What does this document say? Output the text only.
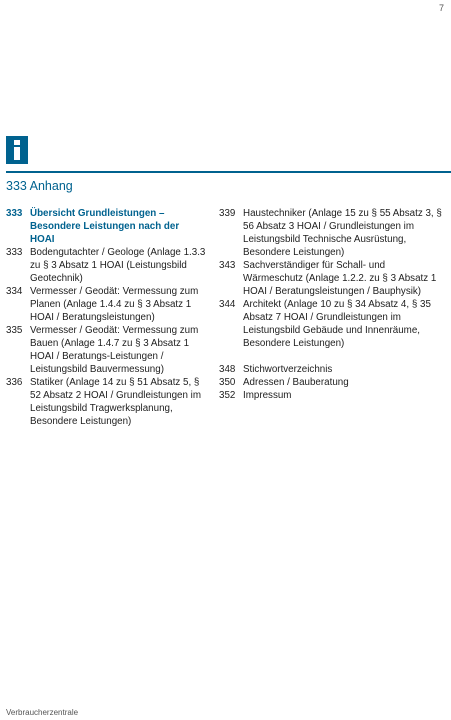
7
333 Anhang
333 Übersicht Grundleistungen – Besondere Leistungen nach der HOAI
333 Bodengutachter / Geologe (Anlage 1.3.3 zu § 3 Absatz 1 HOAI (Leistungsbild Geotechnik)
334 Vermesser / Geodät: Vermessung zum Planen (Anlage 1.4.4 zu § 3 Absatz 1 HOAI / Beratungsleistungen)
335 Vermesser / Geodät: Vermessung zum Bauen (Anlage 1.4.7 zu § 3 Absatz 1 HOAI / Beratungs-Leistungen / Leistungsbild Bauvermessung)
336 Statiker (Anlage 14 zu § 51 Absatz 5, § 52 Absatz 2 HOAI / Grundleistungen im Leistungsbild Tragwerksplanung, Besondere Leistungen)
339 Haustechniker (Anlage 15 zu § 55 Absatz 3, § 56 Absatz 3 HOAI / Grundleistungen im Leistungsbild Technische Ausrüstung, Besondere Leistungen)
343 Sachverständiger für Schall- und Wärmeschutz (Anlage 1.2.2. zu § 3 Absatz 1 HOAI / Beratungsleistungen / Bauphysik)
344 Architekt (Anlage 10 zu § 34 Absatz 4, § 35 Absatz 7 HOAI / Grundleistungen im Leistungsbild Gebäude und Innenräume, Besondere Leistungen)
348 Stichwortverzeichnis
350 Adressen / Bauberatung
352 Impressum
Verbraucherzentrale
